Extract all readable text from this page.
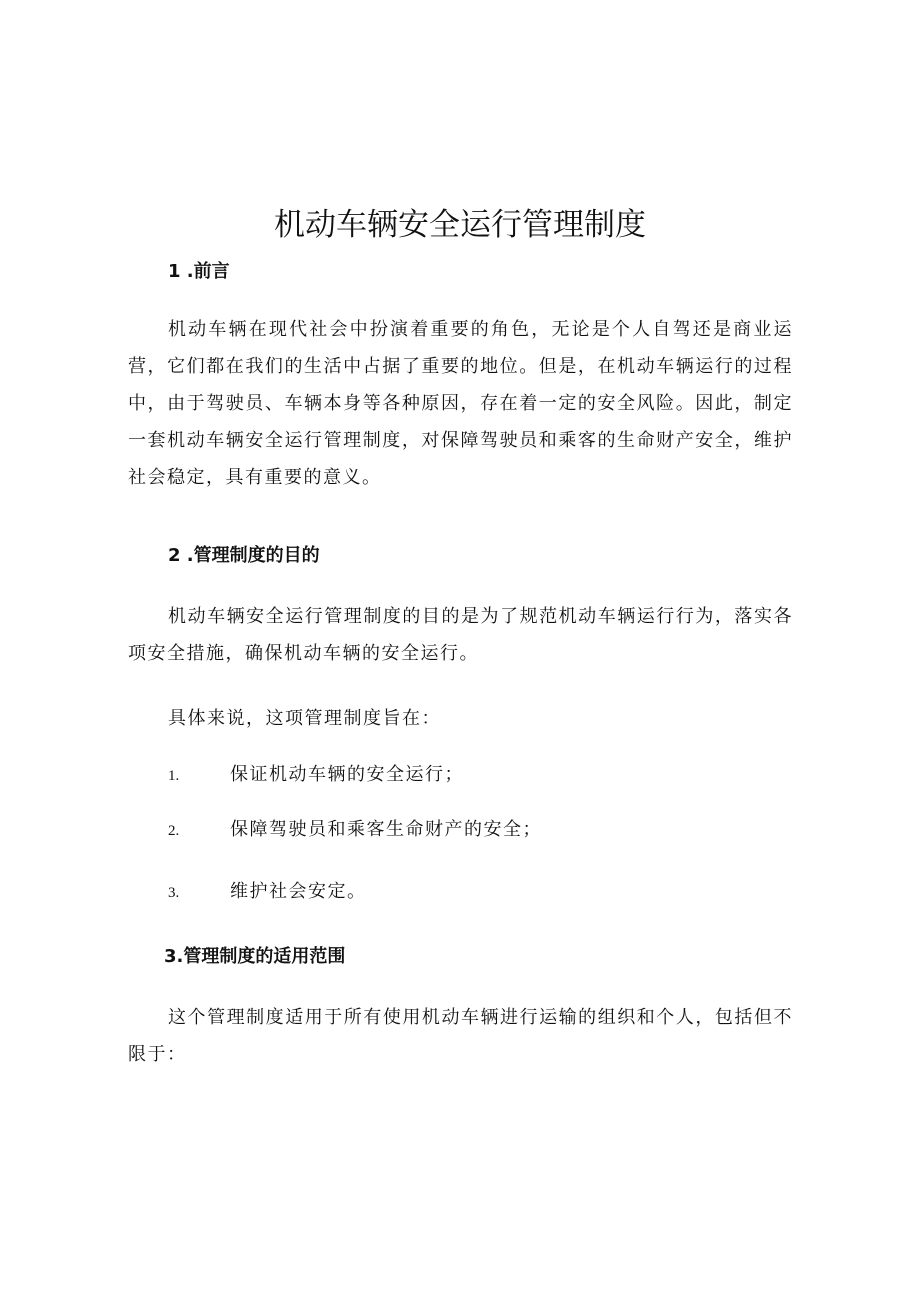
机动车辆安全运行管理制度
1 .前言
机动车辆在现代社会中扮演着重要的角色，无论是个人自驾还是商业运营，它们都在我们的生活中占据了重要的地位。但是，在机动车辆运行的过程中，由于驾驶员、车辆本身等各种原因，存在着一定的安全风险。因此，制定一套机动车辆安全运行管理制度，对保障驾驶员和乘客的生命财产安全，维护社会稳定，具有重要的意义。
2 .管理制度的目的
机动车辆安全运行管理制度的目的是为了规范机动车辆运行行为，落实各项安全措施，确保机动车辆的安全运行。
具体来说，这项管理制度旨在：
1.	保证机动车辆的安全运行；
2.	保障驾驶员和乘客生命财产的安全；
3.	维护社会安定。
3.管理制度的适用范围
这个管理制度适用于所有使用机动车辆进行运输的组织和个人，包括但不限于：
